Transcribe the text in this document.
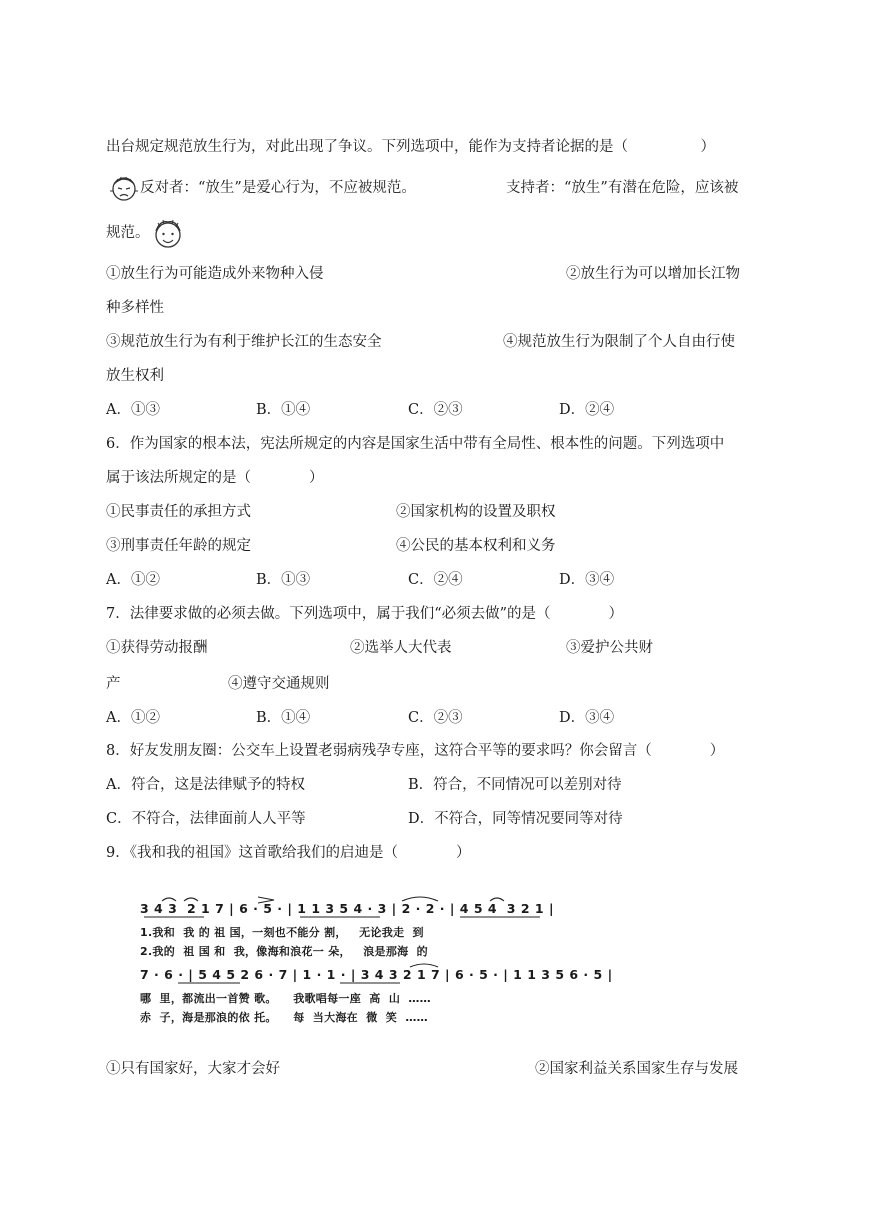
出台规定规范放生行为，对此出现了争议。下列选项中，能作为支持者论据的是（　　　　　）
反对者：“放生”是爱心行为，不应被规范。	支持者：“放生”有潜在危险，应该被
规范。
①放生行为可能造成外来物种入侵	②放生行为可以增加长江物
种多样性
③规范放生行为有利于维护长江的生态安全	④规范放生行为限制了个人自由行使
放生权利
A．①③	B．①④	C．②③	D．②④
6．作为国家的根本法，宪法所规定的内容是国家生活中带有全局性、根本性的问题。下列选项中
属于该法所规定的是（　　　　）
①民事责任的承担方式	②国家机构的设置及职权
③刑事责任年龄的规定	④公民的基本权利和义务
A．①②	B．①③	C．②④	D．③④
7．法律要求做的必须去做。下列选项中，属于我们“必须去做”的是（　　　　）
①获得劳动报酬	②选举人大代表	③爱护公共财
产	④遵守交通规则
A．①②	B．①④	C．②③	D．③④
8．好友发朋友圈：公交车上设置老弱病残孕专座，这符合平等的要求吗？你会留言（　　　　）
A．符合，这是法律赋予的特权	B．符合，不同情况可以差别对待
C．不符合，法律面前人人平等	D．不符合，同等情况要同等对待
9．《我和我的祖国》这首歌给我们的启迪是（　　　　）
3 4 3  2 1 7 | 6 · 5 · | 1 1 3 5 4 · 3 | 2 · 2 · | 4 5 4  3 2 1 |
1.我和  我 的 祖 国，一刻也不能分 割，   无论我走  到
2.我的  祖 国 和  我，像海和浪花一 朵，   浪是那海  的
7 · 6 · | 5 4 5 2 6 · 7 | 1 · 1 · | 3 4 3 2 1 7 | 6 · 5 · | 1 1 3 5 6 · 5 |
哪  里，都流出一首赞 歌。    我歌唱每一座  高  山  ……
赤  子，海是那浪的依 托。    每  当大海在  微  笑  ……
①只有国家好，大家才会好	②国家利益关系国家生存与发展
